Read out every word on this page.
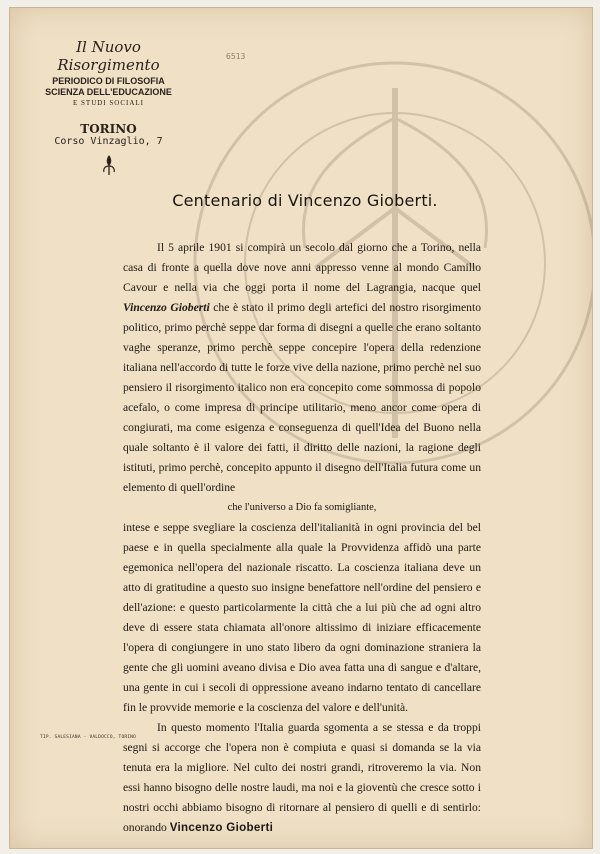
Il Nuovo Risorgimento
PERIODICO DI FILOSOFIA
SCIENZA DELL'EDUCAZIONE
E STUDI SOCIALI
TORINO
Corso Vinzaglio, 7
6513
Centenario di Vincenzo Gioberti.

Il 5 aprile 1901 si compirà un secolo dal giorno che a Torino, nella casa di fronte a quella dove nove anni appresso venne al mondo Camillo Cavour e nella via che oggi porta il nome del Lagrangia, nacque quel Vincenzo Gioberti che è stato il primo degli artefici del nostro risorgimento politico, primo perchè seppe dar forma di disegni a quelle che erano soltanto vaghe speranze, primo perchè seppe concepire l'opera della redenzione italiana nell'accordo di tutte le forze vive della nazione, primo perchè nel suo pensiero il risorgimento italico non era concepito come sommossa di popolo acefalo, o come impresa di principe utilitario, meno ancor come opera di congiurati, ma come esigenza e conseguenza di quell'Idea del Buono nella quale soltanto è il valore dei fatti, il diritto delle nazioni, la ragione degli istituti, primo perchè, concepito appunto il disegno dell'Italia futura come un elemento di quell'ordine

che l'universo a Dio fa somigliante,

intese e seppe svegliare la coscienza dell'italianità in ogni provincia del bel paese e in quella specialmente alla quale la Provvidenza affidò una parte egemonica nell'opera del nazionale riscatto. La coscienza italiana deve un atto di gratitudine a questo suo insigne benefattore nell'ordine del pensiero e dell'azione: e questo particolarmente la città che a lui più che ad ogni altro deve di essere stata chiamata all'onore altissimo di iniziare efficacemente l'opera di congiungere in uno stato libero da ogni dominazione straniera la gente che gli uomini aveano divisa e Dio avea fatta una di sangue e d'altare, una gente in cui i secoli di oppressione aveano indarno tentato di cancellare fin le provvide memorie e la coscienza del valore e dell'unità.

In questo momento l'Italia guarda sgomenta a se stessa e da troppi segni si accorge che l'opera non è compiuta e quasi si domanda se la via tenuta era la migliore. Nel culto dei nostri grandi, ritroveremo la via. Non essi hanno bisogno delle nostre laudi, ma noi e la gioventù che cresce sotto i nostri occhi abbiamo bisogno di ritornare al pensiero di quelli e di sentirlo: onorando Vincenzo Gioberti

TIP. SALESIANA - VALDOCCO, TORINO
